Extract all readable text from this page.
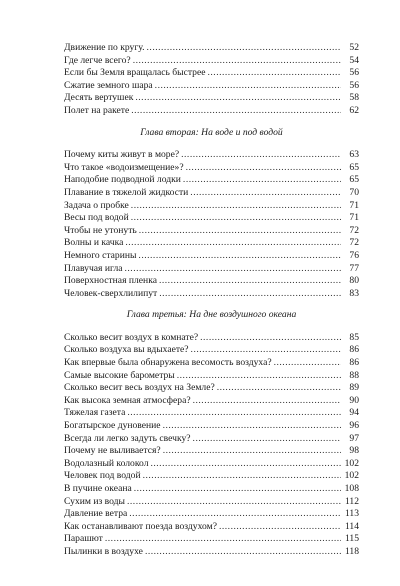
Движение по кругу. .....	52
Где легче всего? .....	54
Если бы Земля вращалась быстрее .....	56
Сжатие земного шара .....	56
Десять вертушек .....	58
Полет на ракете .....	62
Глава вторая: На воде и под водой
Почему киты живут в море? .....	63
Что такое «водоизмещение»? .....	65
Наподобие подводной лодки .....	65
Плавание в тяжелой жидкости .....	70
Задача о пробке .....	71
Весы под водой .....	71
Чтобы не утонуть .....	72
Волны и качка .....	72
Немного старины .....	76
Плавучая игла .....	77
Поверхностная пленка .....	80
Человек-сверхлилипут .....	83
Глава третья: На дне воздушного океана
Сколько весит воздух в комнате? .....	85
Сколько воздуха вы вдыхаете? .....	86
Как впервые была обнаружена весомость воздуха? .....	86
Самые высокие барометры .....	88
Сколько весит весь воздух на Земле? .....	89
Как высока земная атмосфера? .....	90
Тяжелая газета .....	94
Богатырское дуновение .....	96
Всегда ли легко задуть свечку? .....	97
Почему не выливается? .....	98
Водолазный колокол .....	102
Человек под водой .....	102
В пучине океана .....	108
Сухим из воды .....	112
Давление ветра .....	113
Как останавливают поезда воздухом? .....	114
Парашют .....	115
Пылинки в воздухе .....	118
